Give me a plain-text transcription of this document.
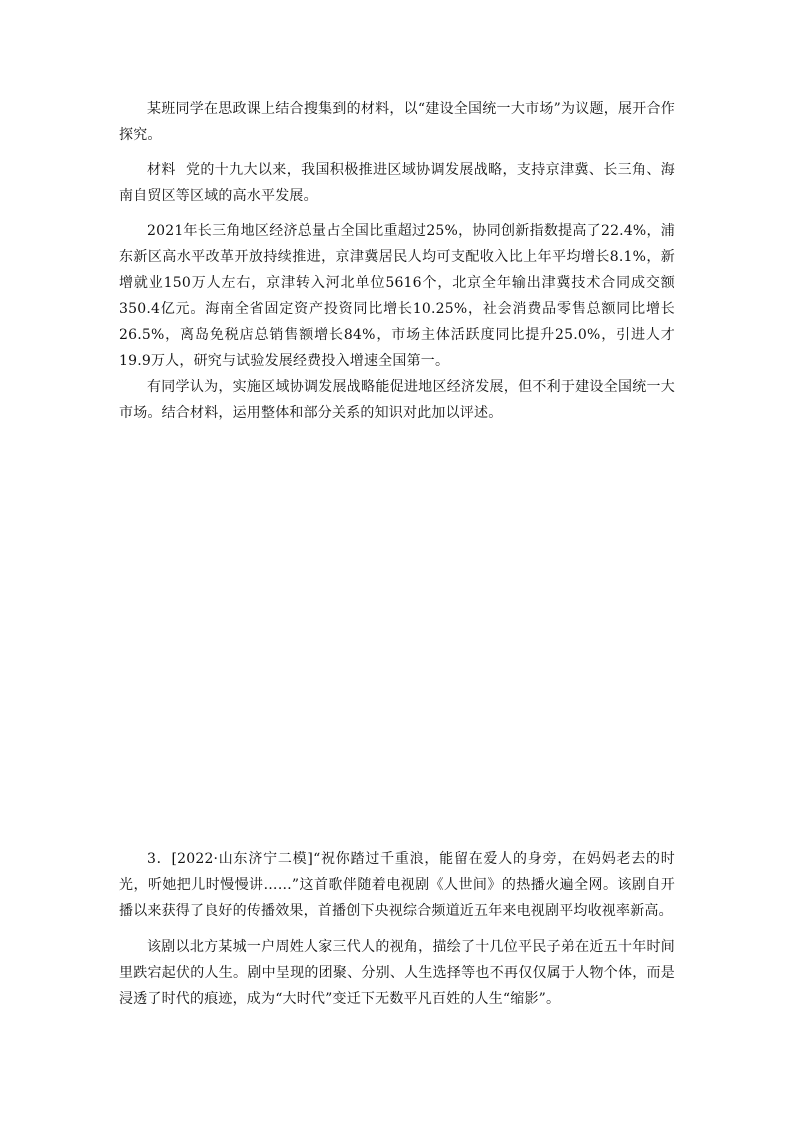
某班同学在思政课上结合搜集到的材料，以“建设全国统一大市场”为议题，展开合作探究。

材料 党的十九大以来，我国积极推进区域协调发展战略，支持京津冀、长三角、海南自贸区等区域的高水平发展。

2021年长三角地区经济总量占全国比重超过25%，协同创新指数提高了22.4%，浦东新区高水平改革开放持续推进，京津冀居民人均可支配收入比上年平均增长8.1%，新增就业150万人左右，京津转入河北单位5616个，北京全年输出津冀技术合同成交额350.4亿元。海南全省固定资产投资同比增长10.25%，社会消费品零售总额同比增长26.5%，离岛免税店总销售额增长84%，市场主体活跃度同比提升25.0%，引进人才19.9万人，研究与试验发展经费投入增速全国第一。

有同学认为，实施区域协调发展战略能促进地区经济发展，但不利于建设全国统一大市场。结合材料，运用整体和部分关系的知识对此加以评述。

3．[2022·山东济宁二模]“祝你踏过千重浪，能留在爱人的身旁，在妈妈老去的时光，听她把儿时慢慢讲……”这首歌伴随着电视剧《人世间》的热播火遍全网。该剧自开播以来获得了良好的传播效果，首播创下央视综合频道近五年来电视剧平均收视率新高。

该剧以北方某城一户周姓人家三代人的视角，描绘了十几位平民子弟在近五十年时间里跌宕起伏的人生。剧中呈现的团聚、分别、人生选择等也不再仅仅属于人物个体，而是浸透了时代的痕迹，成为“大时代”变迁下无数平凡百姓的人生“缩影”。
